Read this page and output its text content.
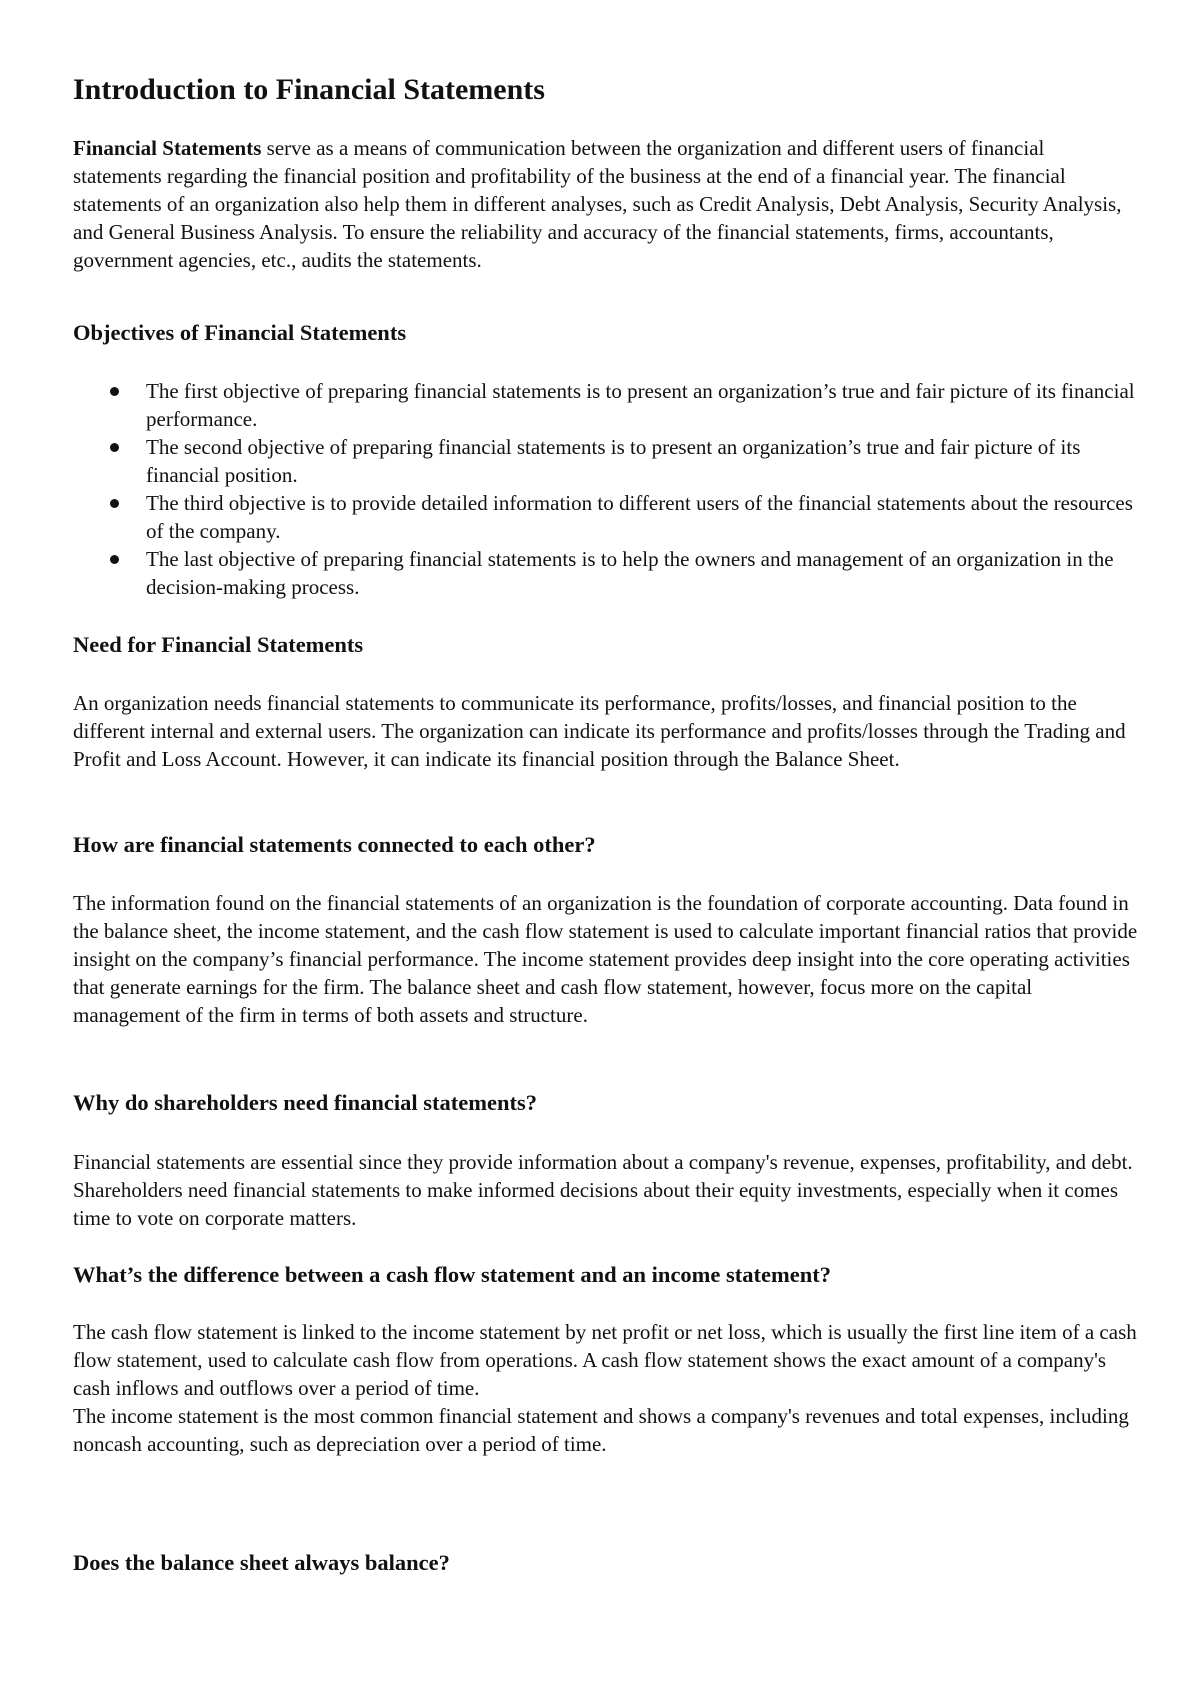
Introduction to Financial Statements

Financial Statements serve as a means of communication between the organization and different users of financial statements regarding the financial position and profitability of the business at the end of a financial year. The financial statements of an organization also help them in different analyses, such as Credit Analysis, Debt Analysis, Security Analysis, and General Business Analysis. To ensure the reliability and accuracy of the financial statements, firms, accountants, government agencies, etc., audits the statements.

Objectives of Financial Statements
The first objective of preparing financial statements is to present an organization’s true and fair picture of its financial performance.
The second objective of preparing financial statements is to present an organization’s true and fair picture of its financial position.
The third objective is to provide detailed information to different users of the financial statements about the resources of the company.
The last objective of preparing financial statements is to help the owners and management of an organization in the decision-making process.
Need for Financial Statements

An organization needs financial statements to communicate its performance, profits/losses, and financial position to the different internal and external users. The organization can indicate its performance and profits/losses through the Trading and Profit and Loss Account. However, it can indicate its financial position through the Balance Sheet.

How are financial statements connected to each other?

The information found on the financial statements of an organization is the foundation of corporate accounting. Data found in the balance sheet, the income statement, and the cash flow statement is used to calculate important financial ratios that provide insight on the company’s financial performance. The income statement provides deep insight into the core operating activities that generate earnings for the firm. The balance sheet and cash flow statement, however, focus more on the capital management of the firm in terms of both assets and structure.

Why do shareholders need financial statements?

Financial statements are essential since they provide information about a company's revenue, expenses, profitability, and debt. Shareholders need financial statements to make informed decisions about their equity investments, especially when it comes time to vote on corporate matters.

What’s the difference between a cash flow statement and an income statement?

The cash flow statement is linked to the income statement by net profit or net loss, which is usually the first line item of a cash flow statement, used to calculate cash flow from operations. A cash flow statement shows the exact amount of a company's cash inflows and outflows over a period of time.

The income statement is the most common financial statement and shows a company's revenues and total expenses, including noncash accounting, such as depreciation over a period of time.

Does the balance sheet always balance?
